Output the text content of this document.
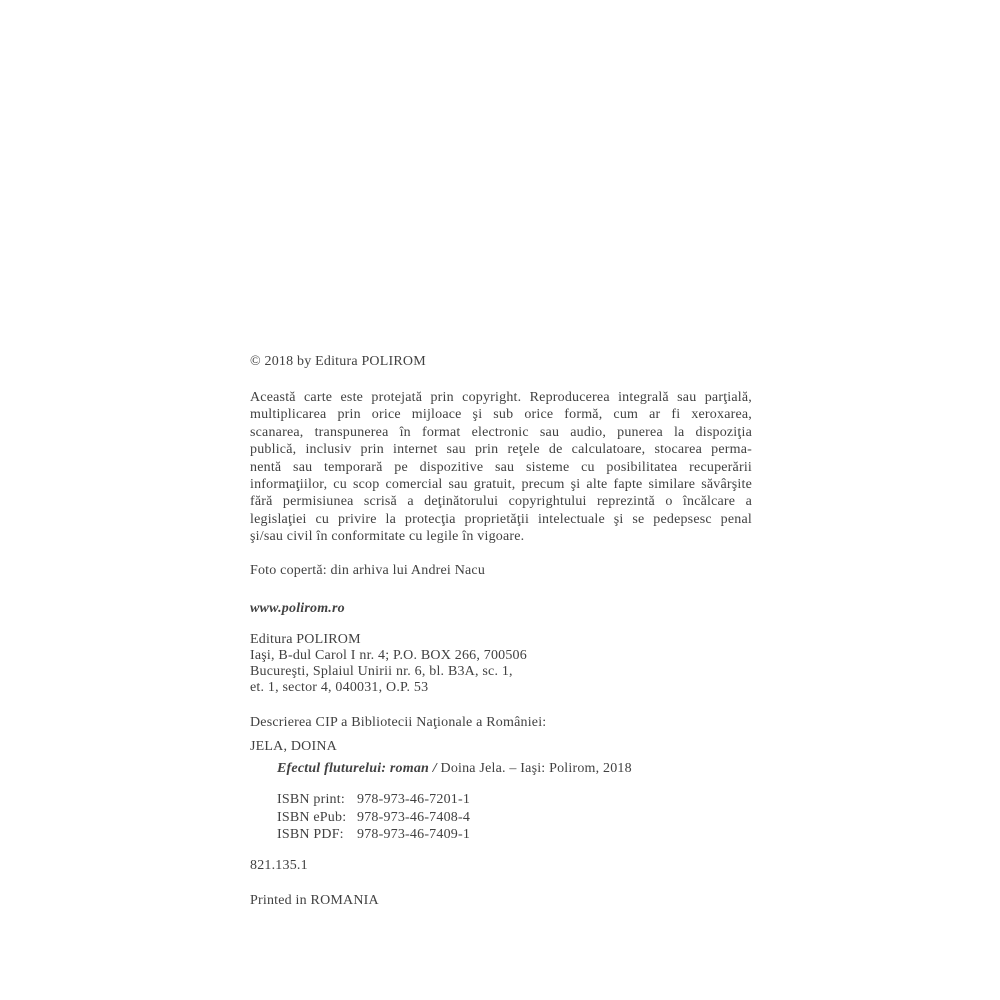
© 2018 by Editura POLIROM
Această carte este protejată prin copyright. Reproducerea integrală sau parţială,
multiplicarea prin orice mijloace şi sub orice formă, cum ar fi xeroxarea,
scanarea, transpunerea în format electronic sau audio, punerea la dispoziţia
publică, inclusiv prin internet sau prin reţele de calculatoare, stocarea perma-
nentă sau temporară pe dispozitive sau sisteme cu posibilitatea recuperării
informaţiilor, cu scop comercial sau gratuit, precum şi alte fapte similare săvârşite
fără permisiunea scrisă a deţinătorului copyrightului reprezintă o încălcare a
legislaţiei cu privire la protecţia proprietăţii intelectuale şi se pedepsesc penal
şi/sau civil în conformitate cu legile în vigoare.
Foto copertă: din arhiva lui Andrei Nacu
www.polirom.ro
Editura POLIROM
Iaşi, B-dul Carol I nr. 4; P.O. BOX 266, 700506
Bucureşti, Splaiul Unirii nr. 6, bl. B3A, sc. 1,
et. 1, sector 4, 040031, O.P. 53
Descrierea CIP a Bibliotecii Naţionale a României:
JELA, DOINA
Efectul fluturelui: roman / Doina Jela. – Iaşi: Polirom, 2018
ISBN print: 978-973-46-7201-1
ISBN ePub: 978-973-46-7408-4
ISBN PDF: 978-973-46-7409-1
821.135.1
Printed in ROMANIA
